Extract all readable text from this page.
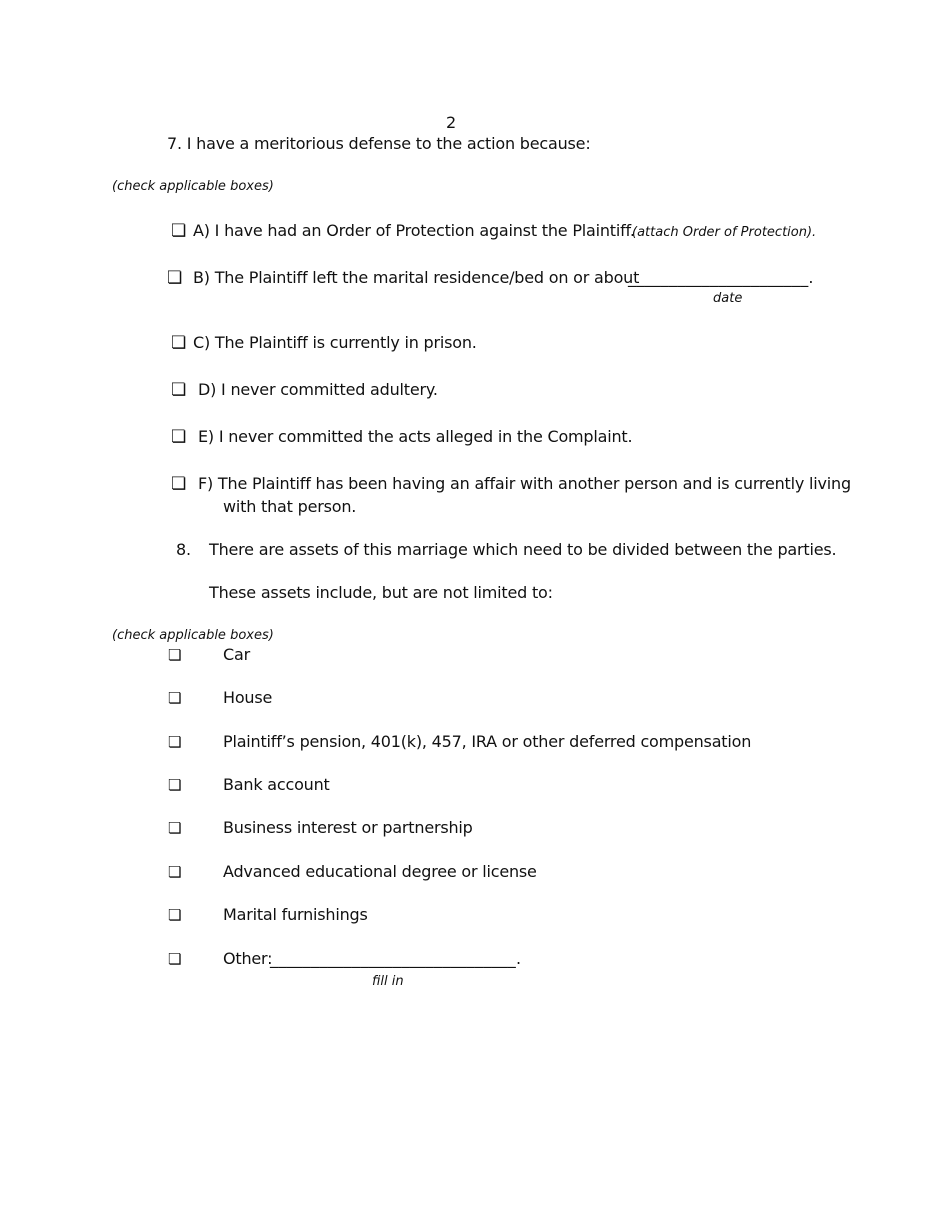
2
7. I have a meritorious defense to the action because:
(check applicable boxes)
❏ A) I have had an Order of Protection against the Plaintiff.
(attach Order of Protection).
❏ B) The Plaintiff left the marital residence/bed on or about
______________________.
date
❏ C) The Plaintiff is currently in prison.
❏ D) I never committed adultery.
❏ E) I never committed the acts alleged in the Complaint.
❏ F) The Plaintiff has been having an affair with another person and is currently living
with that person.
8. There are assets of this marriage which need to be divided between the parties.
These assets include, but are not limited to:
(check applicable boxes)
❏	Car
❏	House
❏	Plaintiff’s pension, 401(k), 457, IRA or other deferred compensation
❏	Bank account
❏	Business interest or partnership
❏	Advanced educational degree or license
❏	Marital furnishings
❏	Other:
______________________________.
fill in
